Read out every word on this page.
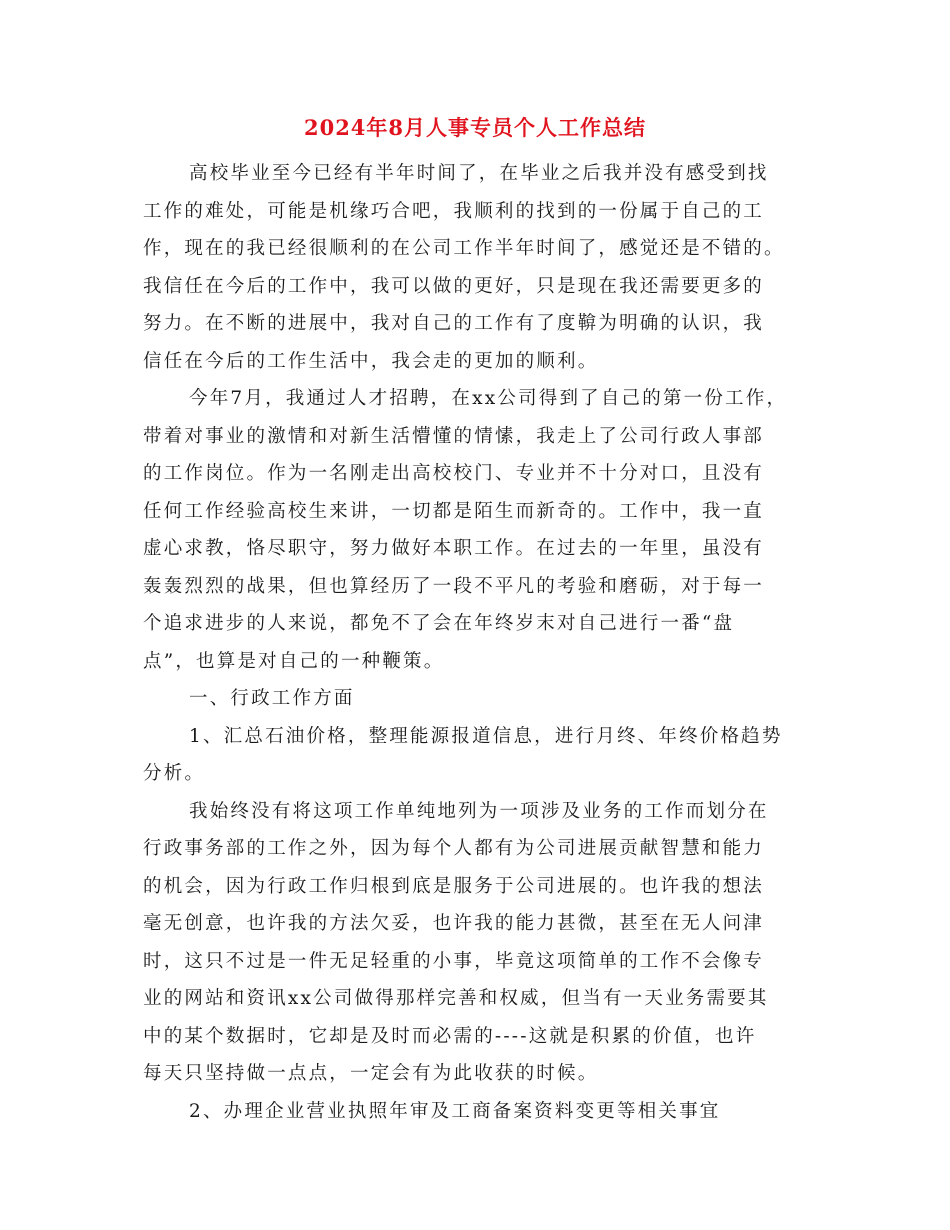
2024年8月人事专员个人工作总结
高校毕业至今已经有半年时间了，在毕业之后我并没有感受到找
工作的难处，可能是机缘巧合吧，我顺利的找到的一份属于自己的工
作，现在的我已经很顺利的在公司工作半年时间了，感觉还是不错的。
我信任在今后的工作中，我可以做的更好，只是现在我还需要更多的
努力。在不断的进展中，我对自己的工作有了度鞥为明确的认识，我
信任在今后的工作生活中，我会走的更加的顺利。
今年7月，我通过人才招聘，在xx公司得到了自己的第一份工作，
带着对事业的激情和对新生活懵懂的情愫，我走上了公司行政人事部
的工作岗位。作为一名刚走出高校校门、专业并不十分对口，且没有
任何工作经验高校生来讲，一切都是陌生而新奇的。工作中，我一直
虚心求教，恪尽职守，努力做好本职工作。在过去的一年里，虽没有
轰轰烈烈的战果，但也算经历了一段不平凡的考验和磨砺，对于每一
个追求进步的人来说，都免不了会在年终岁末对自己进行一番“盘
点”，也算是对自己的一种鞭策。
一、行政工作方面
1、汇总石油价格，整理能源报道信息，进行月终、年终价格趋势
分析。
我始终没有将这项工作单纯地列为一项涉及业务的工作而划分在
行政事务部的工作之外，因为每个人都有为公司进展贡献智慧和能力
的机会，因为行政工作归根到底是服务于公司进展的。也许我的想法
毫无创意，也许我的方法欠妥，也许我的能力甚微，甚至在无人问津
时，这只不过是一件无足轻重的小事，毕竟这项简单的工作不会像专
业的网站和资讯xx公司做得那样完善和权威，但当有一天业务需要其
中的某个数据时，它却是及时而必需的----这就是积累的价值，也许
每天只坚持做一点点，一定会有为此收获的时候。
2、办理企业营业执照年审及工商备案资料变更等相关事宜
